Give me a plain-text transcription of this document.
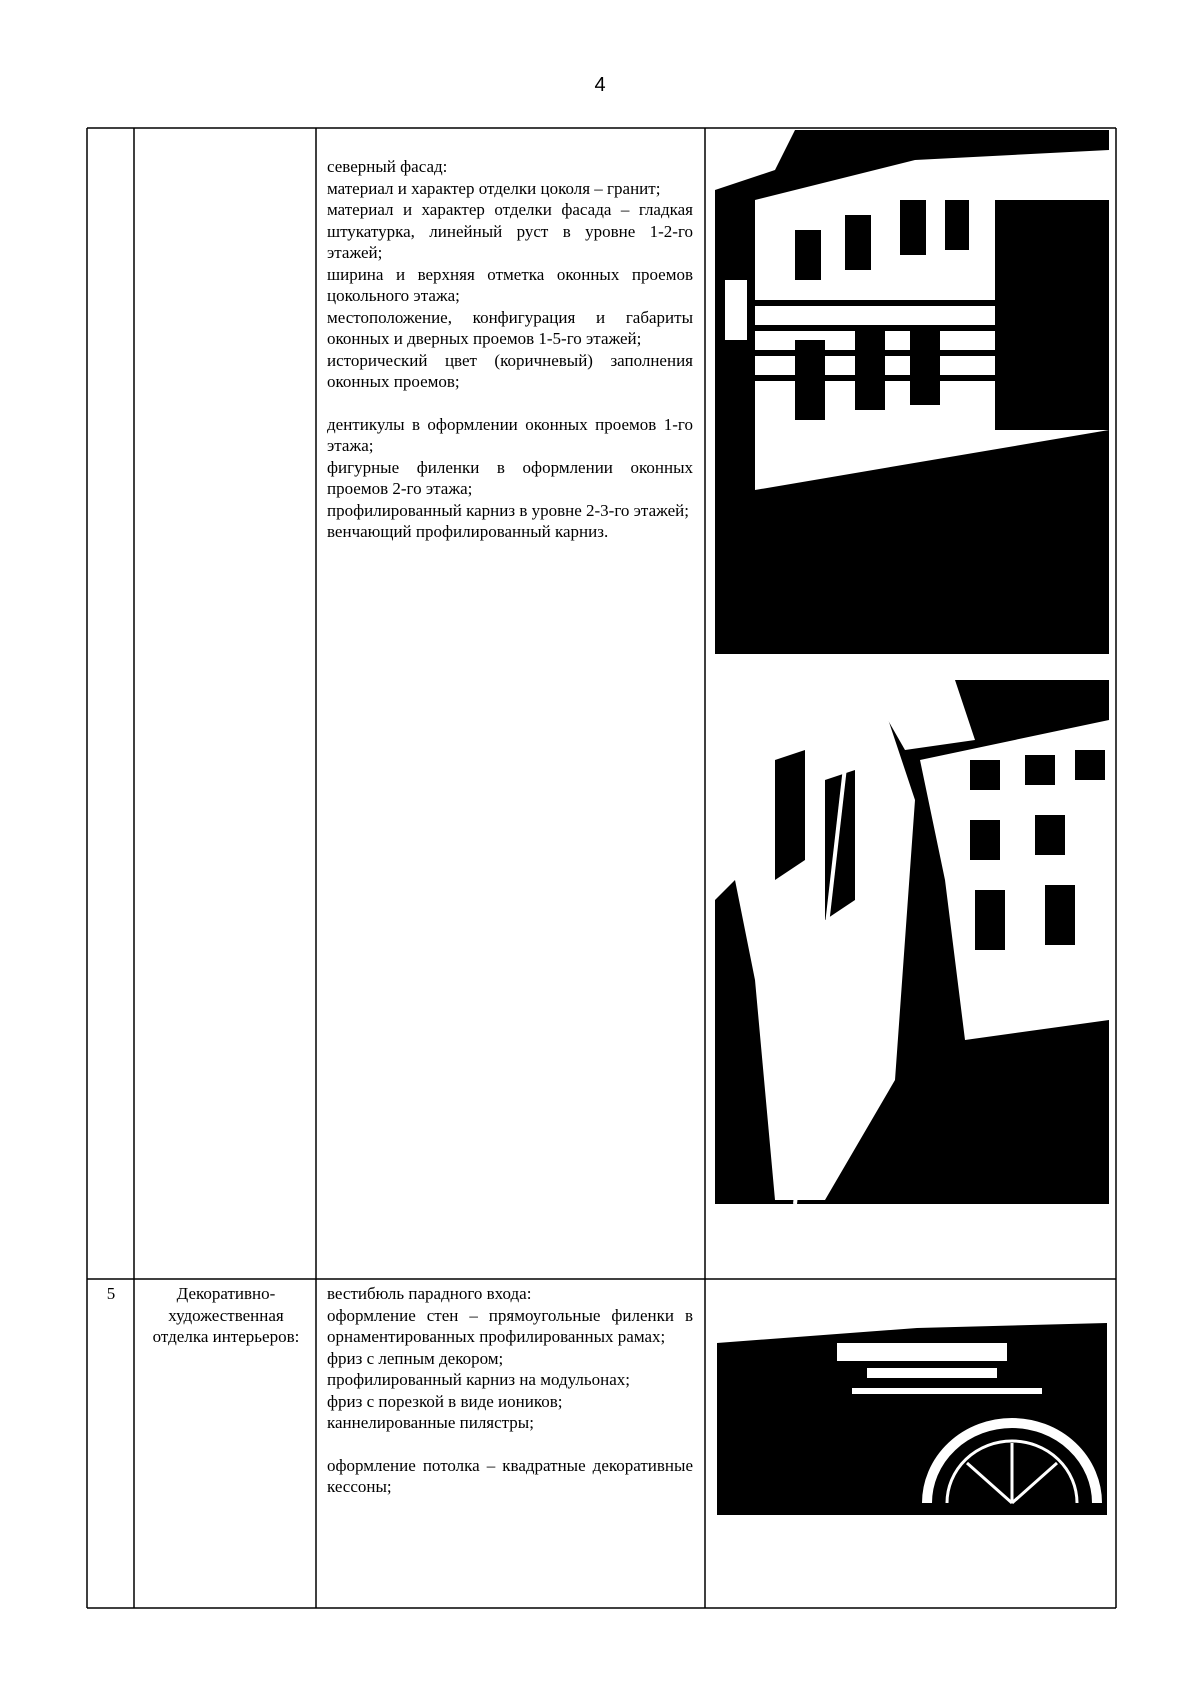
4

северный фасад:

материал и характер отделки цоколя – гранит;

материал и характер отделки фасада – гладкая штукатурка, линейный руст в уровне 1-2-го этажей;

ширина и верхняя отметка оконных проемов цокольного этажа;

местоположение, конфигурация и габариты оконных и дверных проемов 1-5-го этажей;

исторический цвет (коричневый) заполнения оконных проемов;

дентикулы в оформлении оконных проемов 1-го этажа;

фигурные филенки в оформлении оконных проемов 2-го этажа;

профилированный карниз в уровне 2-3-го этажей;

венчающий профилированный карниз.

5	Декоративно-художественная отделка интерьеров:

вестибюль парадного входа:

оформление стен – прямоугольные филенки в орнаментированных профилированных рамах;

фриз с лепным декором;

профилированный карниз на модульонах;

фриз с порезкой в виде иоников;

каннелированные пилястры;

оформление потолка – квадратные декоративные кессоны;
